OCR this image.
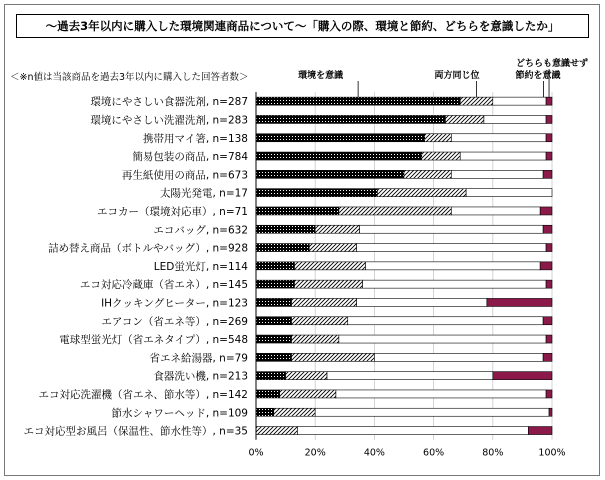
～過去3年以内に購入した環境関連商品について～「購入の際、環境と節約、どちらを意識したか」
＜※n値は当該商品を過去3年以内に購入した回答者数＞
環境にやさしい食器洗剤, n=287
環境にやさしい洗濯洗剤, n=283
携帯用マイ箸, n=138
簡易包装の商品, n=784
再生紙使用の商品, n=673
太陽光発電, n=17
エコカー（環境対応車）, n=71
エコバッグ, n=632
詰め替え商品（ボトルやバッグ）, n=928
LED蛍光灯, n=114
エコ対応冷蔵庫（省エネ）, n=145
IHクッキングヒーター, n=123
エアコン（省エネ等）, n=269
電球型蛍光灯（省エネタイプ）, n=548
省エネ給湯器, n=79
食器洗い機, n=213
エコ対応洗濯機（省エネ、節水等）, n=142
節水シャワーヘッド, n=109
エコ対応型お風呂（保温性、節水性等）, n=35
0%	20%	40%	60%	80%	100%
環境を意識	両方同じ位	節約を意識
どちらも意識せず
